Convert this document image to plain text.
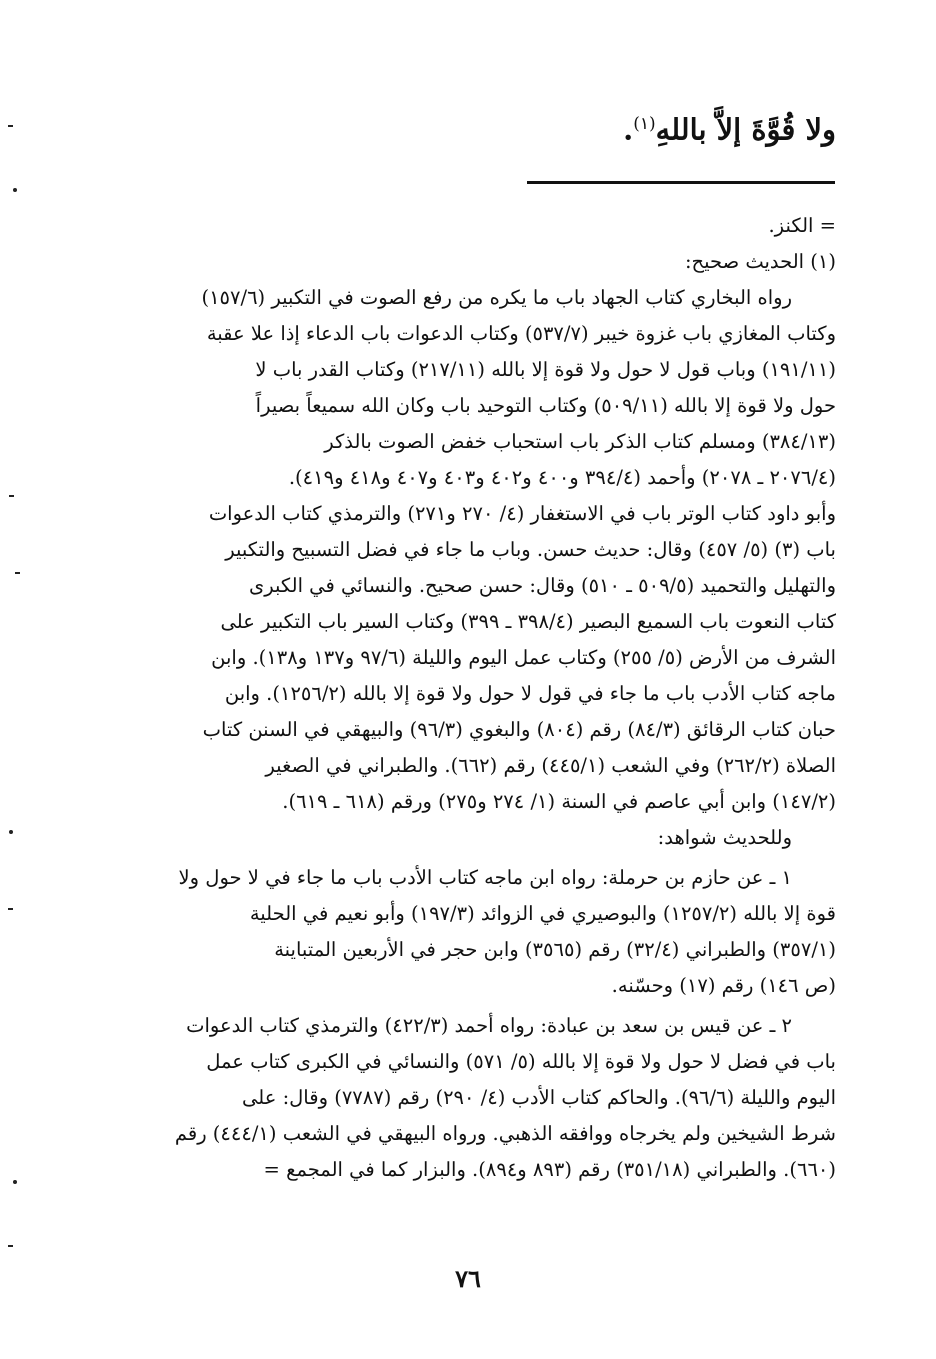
ولا قُوَّةَ إلاَّ باللهِ$^{(١)}$.
= الكنز.
(١) الحديث صحيح:
رواه البخاري كتاب الجهاد باب ما يكره من رفع الصوت في التكبير (١٥٧/٦)
وكتاب المغازي باب غزوة خيبر (٥٣٧/٧) وكتاب الدعوات باب الدعاء إذا علا عقبة
(١٩١/١١) وباب قول لا حول ولا قوة إلا بالله (٢١٧/١١) وكتاب القدر باب لا
حول ولا قوة إلا بالله (٥٠٩/١١) وكتاب التوحيد باب وكان الله سميعاً بصيراً
(٣٨٤/١٣) ومسلم كتاب الذكر باب استحباب خفض الصوت بالذكر
(٢٠٧٦/٤ ـ ٢٠٧٨) وأحمد (٣٩٤/٤ و٤٠٠ و٤٠٢ و٤٠٣ و٤٠٧ و٤١٨ و٤١٩).
وأبو داود كتاب الوتر باب في الاستغفار (٤/ ٢٧٠ و٢٧١) والترمذي كتاب الدعوات
باب (٣) (٥/ ٤٥٧) وقال: حديث حسن. وباب ما جاء في فضل التسبيح والتكبير
والتهليل والتحميد (٥٠٩/٥ ـ ٥١٠) وقال: حسن صحيح. والنسائي في الكبرى
كتاب النعوت باب السميع البصير (٣٩٨/٤ ـ ٣٩٩) وكتاب السير باب التكبير على
الشرف من الأرض (٥/ ٢٥٥) وكتاب عمل اليوم والليلة (٩٧/٦ و١٣٧ و١٣٨). وابن
ماجه كتاب الأدب باب ما جاء في قول لا حول ولا قوة إلا بالله (١٢٥٦/٢). وابن
حبان كتاب الرقائق (٨٤/٣) رقم (٨٠٤) والبغوي (٩٦/٣) والبيهقي في السنن كتاب
الصلاة (٢٦٢/٢) وفي الشعب (٤٤٥/١) رقم (٦٦٢). والطبراني في الصغير
(١٤٧/٢) وابن أبي عاصم في السنة (١/ ٢٧٤ و٢٧٥) ورقم (٦١٨ ـ ٦١٩).
وللحديث شواهد:
١ ـ عن حازم بن حرملة: رواه ابن ماجه كتاب الأدب باب ما جاء في لا حول ولا
قوة إلا بالله (١٢٥٧/٢) والبوصيري في الزوائد (١٩٧/٣) وأبو نعيم في الحلية
(٣٥٧/١) والطبراني (٣٢/٤) رقم (٣٥٦٥) وابن حجر في الأربعين المتباينة
(ص ١٤٦) رقم (١٧) وحسّنه.
٢ ـ عن قيس بن سعد بن عبادة: رواه أحمد (٤٢٢/٣) والترمذي كتاب الدعوات
باب في فضل لا حول ولا قوة إلا بالله (٥/ ٥٧١) والنسائي في الكبرى كتاب عمل
اليوم والليلة (٩٦/٦). والحاكم كتاب الأدب (٤/ ٢٩٠) رقم (٧٧٨٧) وقال: على
شرط الشيخين ولم يخرجاه ووافقه الذهبي. ورواه البيهقي في الشعب (٤٤٤/١) رقم
(٦٦٠). والطبراني (٣٥١/١٨) رقم (٨٩٣ و٨٩٤). والبزار كما في المجمع =
٧٦
